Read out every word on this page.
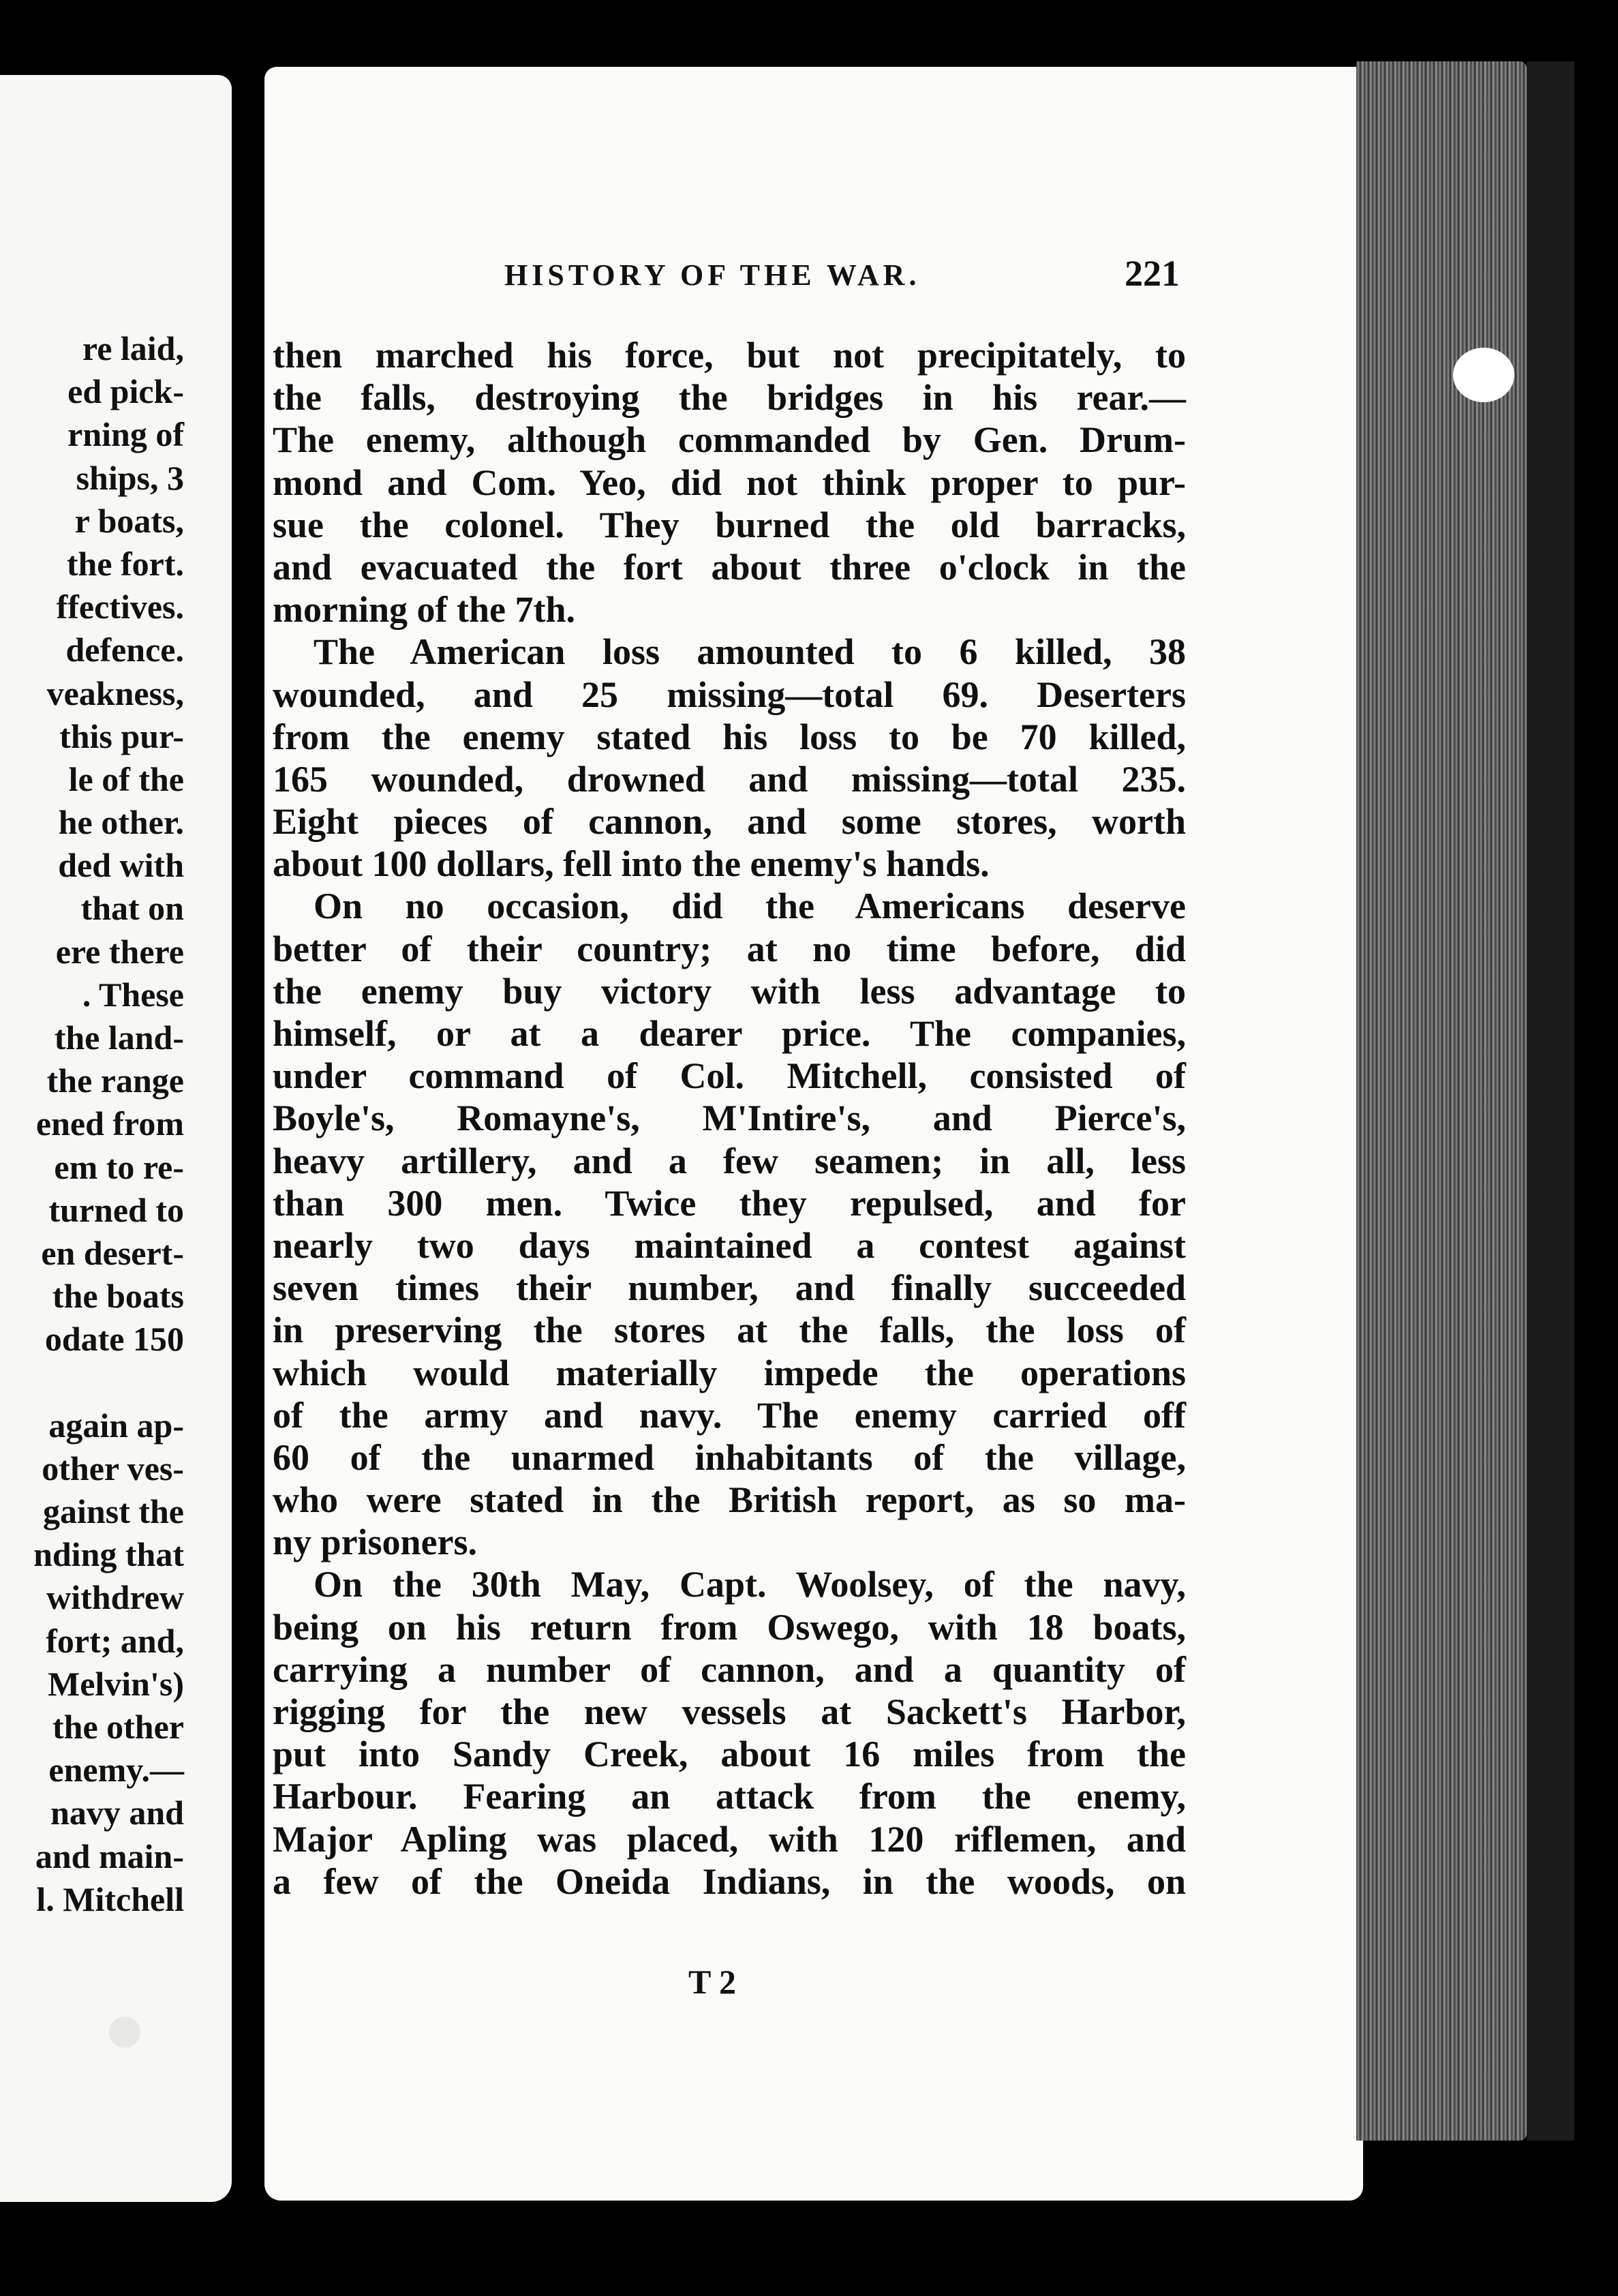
re laid,
ed pick-
rning of
ships, 3
r boats,
the fort.
ffectives.
defence.
veakness,
this pur-
le of the
he other.
ded with
that on
ere there
. These
the land-
the range
ened from
em to re-
turned to
en desert-
the boats
odate 150
again ap-
other ves-
gainst the
nding that
withdrew
fort; and,
Melvin's)
the other
enemy.—
navy and
and main-
l. Mitchell
HISTORY OF THE WAR.	221
then marched his force, but not precipitately, to
the falls, destroying the bridges in his rear.—
The enemy, although commanded by Gen. Drum-
mond and Com. Yeo, did not think proper to pur-
sue the colonel. They burned the old barracks,
and evacuated the fort about three o'clock in the
morning of the 7th.
The American loss amounted to 6 killed, 38
wounded, and 25 missing—total 69. Deserters
from the enemy stated his loss to be 70 killed,
165 wounded, drowned and missing—total 235.
Eight pieces of cannon, and some stores, worth
about 100 dollars, fell into the enemy's hands.
On no occasion, did the Americans deserve
better of their country; at no time before, did
the enemy buy victory with less advantage to
himself, or at a dearer price. The companies,
under command of Col. Mitchell, consisted of
Boyle's, Romayne's, M'Intire's, and Pierce's,
heavy artillery, and a few seamen; in all, less
than 300 men. Twice they repulsed, and for
nearly two days maintained a contest against
seven times their number, and finally succeeded
in preserving the stores at the falls, the loss of
which would materially impede the operations
of the army and navy. The enemy carried off
60 of the unarmed inhabitants of the village,
who were stated in the British report, as so ma-
ny prisoners.
On the 30th May, Capt. Woolsey, of the navy,
being on his return from Oswego, with 18 boats,
carrying a number of cannon, and a quantity of
rigging for the new vessels at Sackett's Harbor,
put into Sandy Creek, about 16 miles from the
Harbour. Fearing an attack from the enemy,
Major Apling was placed, with 120 riflemen, and
a few of the Oneida Indians, in the woods, on
T 2
